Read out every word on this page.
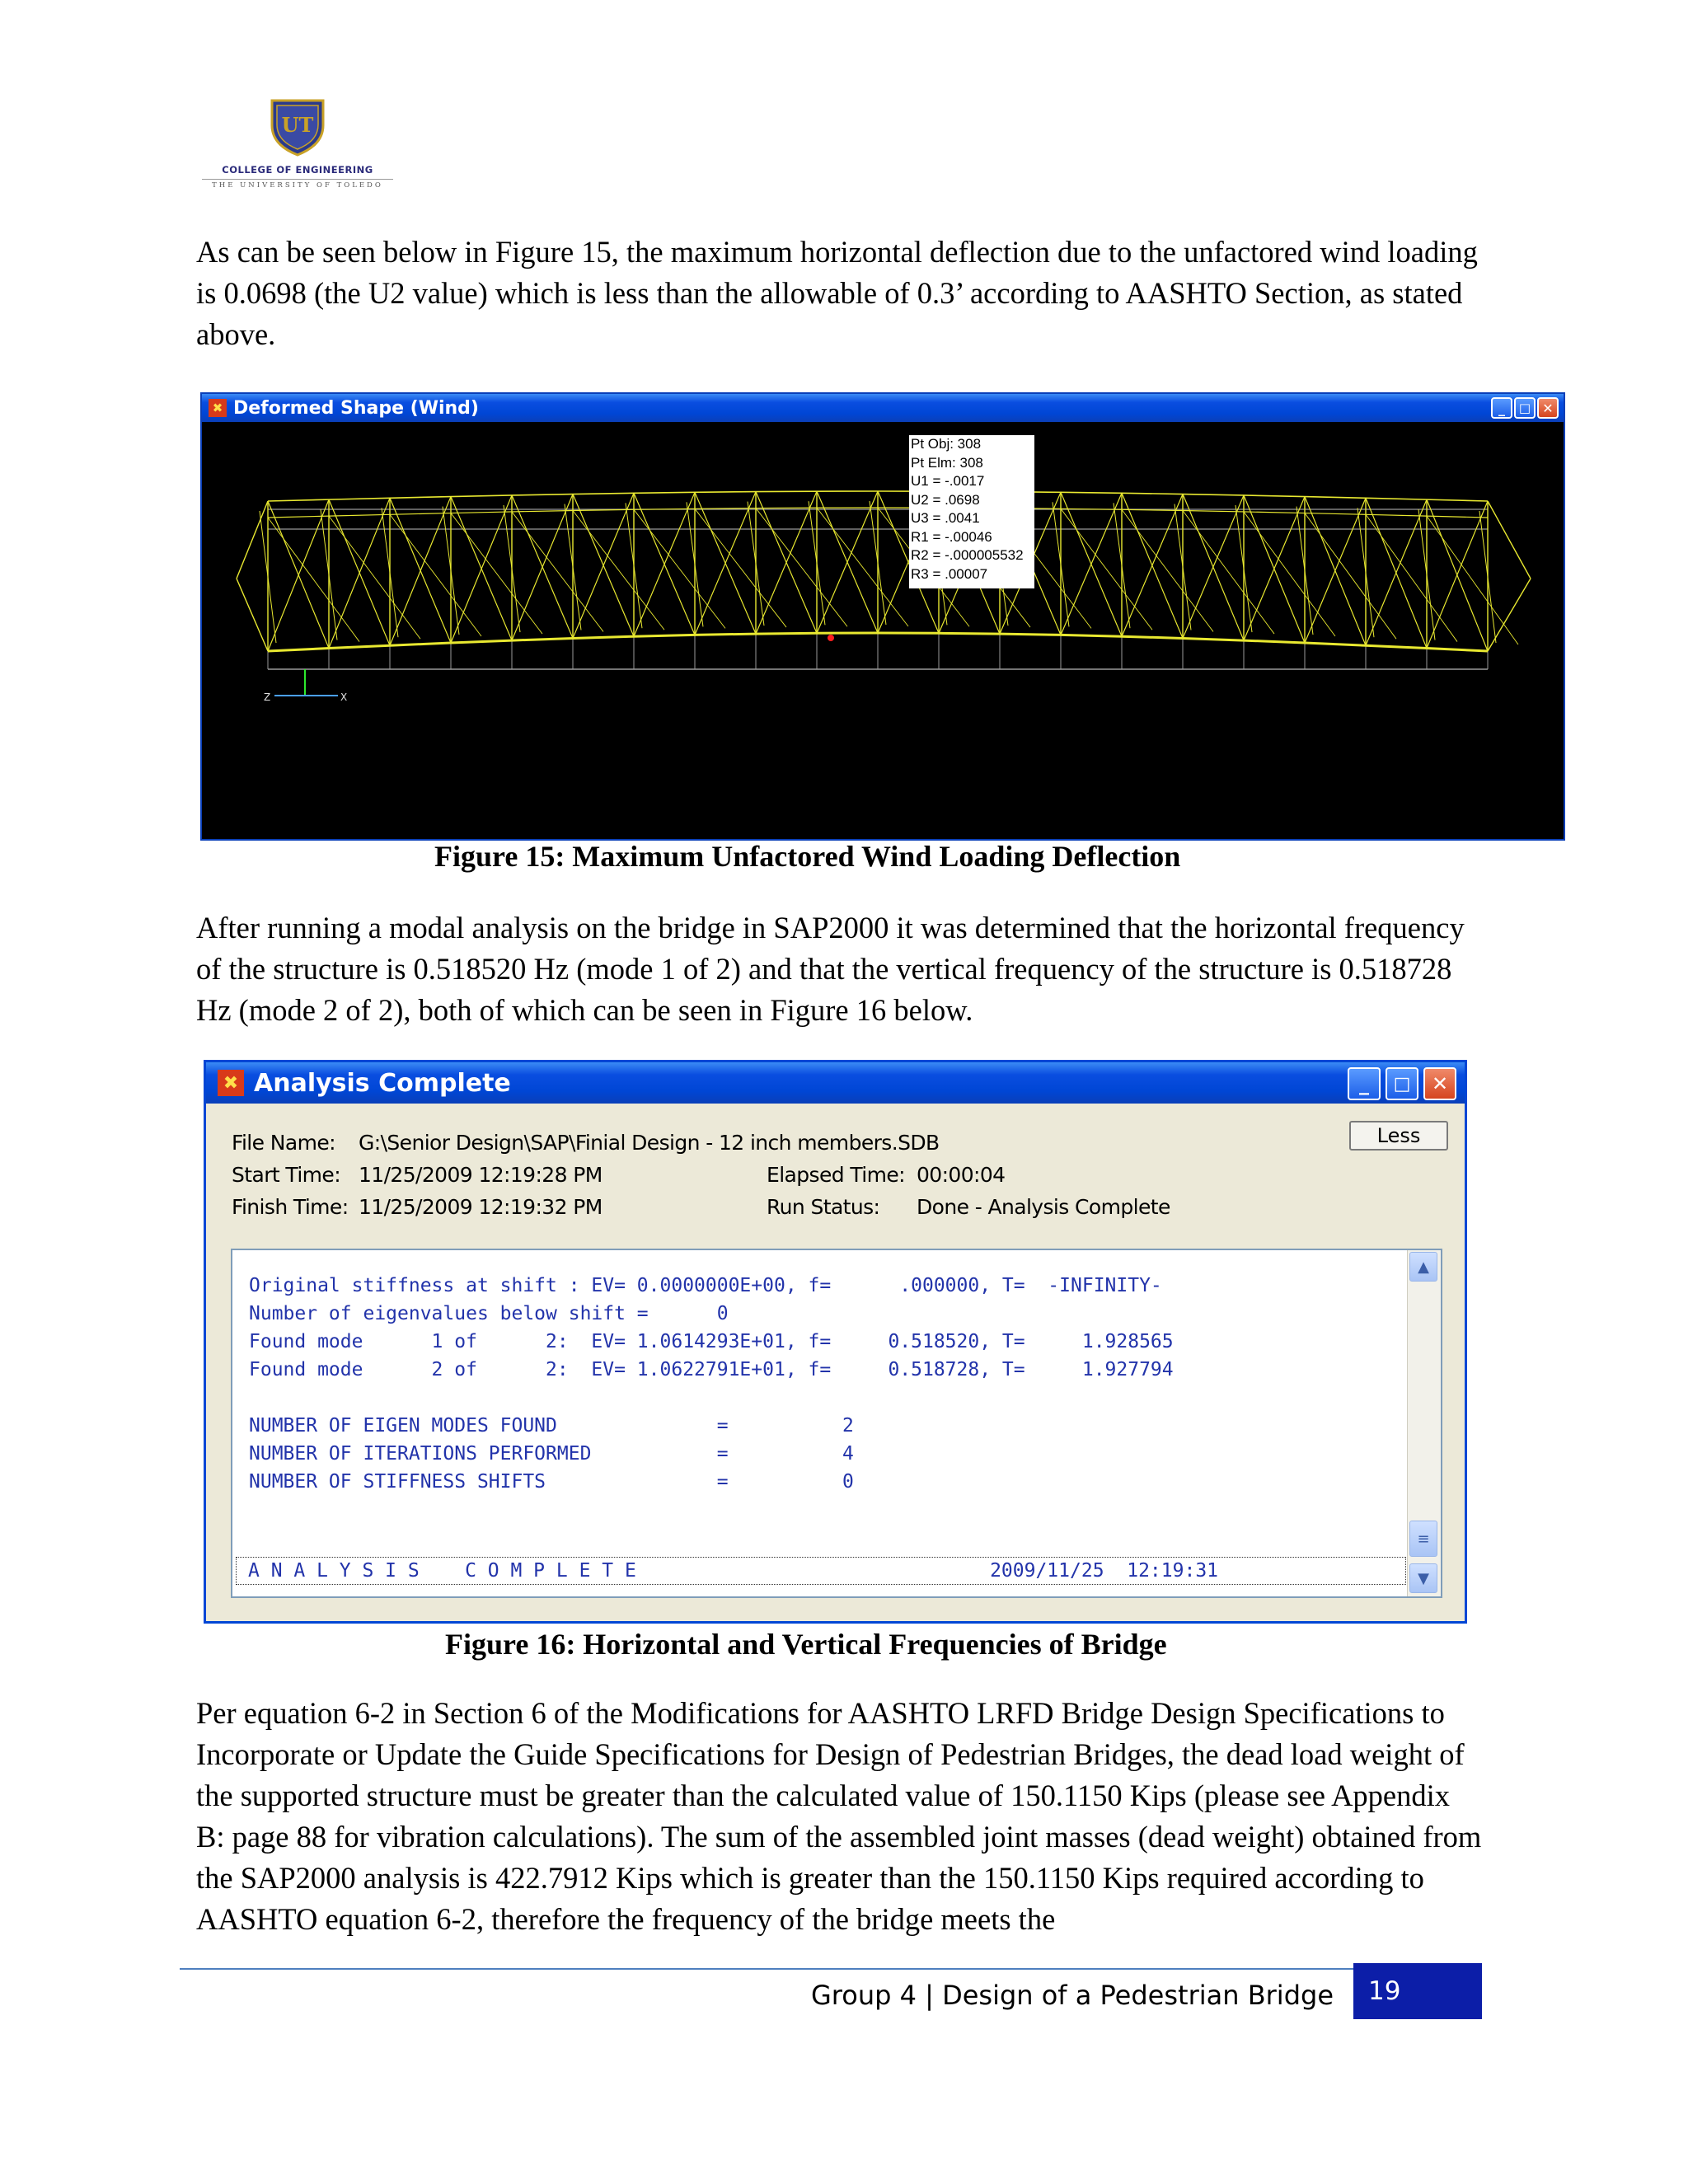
UT
COLLEGE OF ENGINEERING
THE UNIVERSITY OF TOLEDO
As can be seen below in Figure 15, the maximum horizontal deflection due to the unfactored wind loading is 0.0698 (the U2 value) which is less than the allowable of 0.3’ according to AASHTO Section, as stated above.
✖ Deformed Shape (Wind)	_	□ ✕
Z	X
Pt Obj: 308
Pt Elm: 308
U1 = -.0017
U2 = .0698
U3 = .0041
R1 = -.00046
R2 = -.000005532
R3 = .00007
Figure 15: Maximum Unfactored Wind Loading Deflection
After running a modal analysis on the bridge in SAP2000 it was determined that the horizontal frequency of the structure is 0.518520 Hz (mode 1 of 2) and that the vertical frequency of the structure is 0.518728 Hz (mode 2 of 2), both of which can be seen in Figure 16 below.
✖ Analysis Complete	_	□	✕
Less
File Name: G:\Senior Design\SAP\Finial Design - 12 inch members.SDB
Start Time: 11/25/2009 12:19:28 PM
Finish Time: 11/25/2009 12:19:32 PM
Elapsed Time: 00:00:04
Run Status: Done - Analysis Complete
Original stiffness at shift : EV= 0.0000000E+00, f=      .000000, T=  -INFINITY-
Number of eigenvalues below shift =      0
Found mode      1 of      2:  EV= 1.0614293E+01, f=     0.518520, T=     1.928565
Found mode      2 of      2:  EV= 1.0622791E+01, f=     0.518728, T=     1.927794
NUMBER OF EIGEN MODES FOUND              =          2
NUMBER OF ITERATIONS PERFORMED           =          4
NUMBER OF STIFFNESS SHIFTS               =          0
A N A L Y S I S    C O M P L E T E                               2009/11/25  12:19:31
▲
≡
▼
Figure 16: Horizontal and Vertical Frequencies of Bridge
Per equation 6-2 in Section 6 of the Modifications for AASHTO LRFD Bridge Design Specifications to Incorporate or Update the Guide Specifications for Design of Pedestrian Bridges, the dead load weight of the supported structure must be greater than the calculated value of 150.1150 Kips (please see Appendix B: page 88 for vibration calculations). The sum of the assembled joint masses (dead weight) obtained from the SAP2000 analysis is 422.7912 Kips which is greater than the 150.1150 Kips required according to AASHTO equation 6-2, therefore the frequency of the bridge meets the
Group 4 | Design of a Pedestrian Bridge	19
